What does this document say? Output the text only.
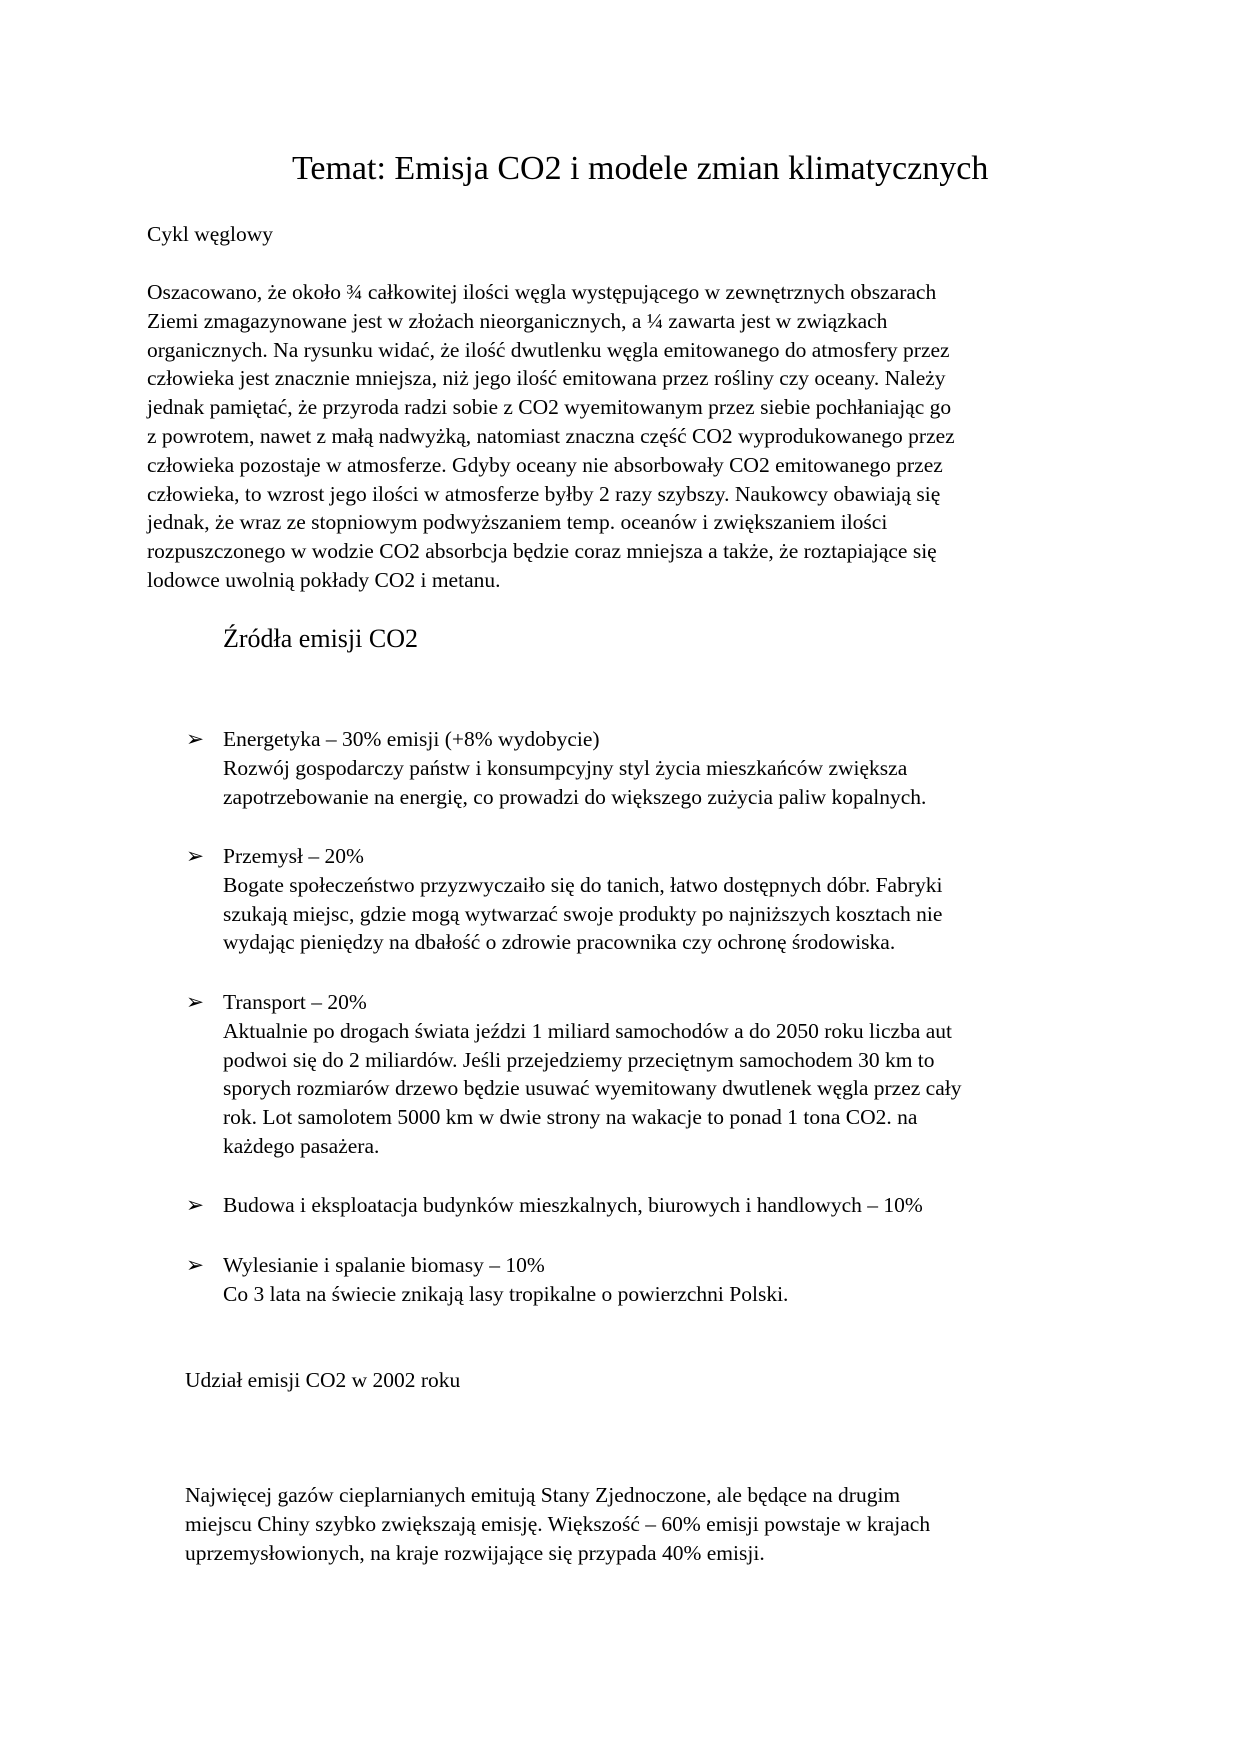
Temat: Emisja CO2 i modele zmian klimatycznych
Cykl węglowy
Oszacowano, że około ¾ całkowitej ilości węgla występującego w zewnętrznych obszarach
Ziemi zmagazynowane jest w złożach nieorganicznych, a ¼ zawarta jest w związkach
organicznych. Na rysunku widać, że ilość dwutlenku węgla emitowanego do atmosfery przez
człowieka jest znacznie mniejsza, niż jego ilość emitowana przez rośliny czy oceany. Należy
jednak pamiętać, że przyroda radzi sobie z CO2 wyemitowanym przez siebie pochłaniając go
z powrotem, nawet z małą nadwyżką, natomiast znaczna część CO2 wyprodukowanego przez
człowieka pozostaje w atmosferze. Gdyby oceany nie absorbowały CO2 emitowanego przez
człowieka, to wzrost jego ilości w atmosferze byłby 2 razy szybszy. Naukowcy obawiają się
jednak, że wraz ze stopniowym podwyższaniem temp. oceanów i zwiększaniem ilości
rozpuszczonego w wodzie CO2 absorbcja będzie coraz mniejsza a także, że roztapiające się
lodowce uwolnią pokłady CO2 i metanu.
Źródła emisji CO2
➢ Energetyka – 30% emisji (+8% wydobycie)
Rozwój gospodarczy państw i konsumpcyjny styl życia mieszkańców zwiększa
zapotrzebowanie na energię, co prowadzi do większego zużycia paliw kopalnych.
➢ Przemysł – 20%
Bogate społeczeństwo przyzwyczaiło się do tanich, łatwo dostępnych dóbr. Fabryki
szukają miejsc, gdzie mogą wytwarzać swoje produkty po najniższych kosztach nie
wydając pieniędzy na dbałość o zdrowie pracownika czy ochronę środowiska.
➢ Transport – 20%
Aktualnie po drogach świata jeździ 1 miliard samochodów a do 2050 roku liczba aut
podwoi się do 2 miliardów. Jeśli przejedziemy przeciętnym samochodem 30 km to
sporych rozmiarów drzewo będzie usuwać wyemitowany dwutlenek węgla przez cały
rok. Lot samolotem 5000 km w dwie strony na wakacje to ponad 1 tona CO2. na
każdego pasażera.
➢ Budowa i eksploatacja budynków mieszkalnych, biurowych i handlowych – 10%
➢ Wylesianie i spalanie biomasy – 10%
Co 3 lata na świecie znikają lasy tropikalne o powierzchni Polski.
Udział emisji CO2 w 2002 roku
Najwięcej gazów cieplarnianych emitują Stany Zjednoczone, ale będące na drugim
miejscu Chiny szybko zwiększają emisję. Większość – 60% emisji powstaje w krajach
uprzemysłowionych, na kraje rozwijające się przypada 40% emisji.
